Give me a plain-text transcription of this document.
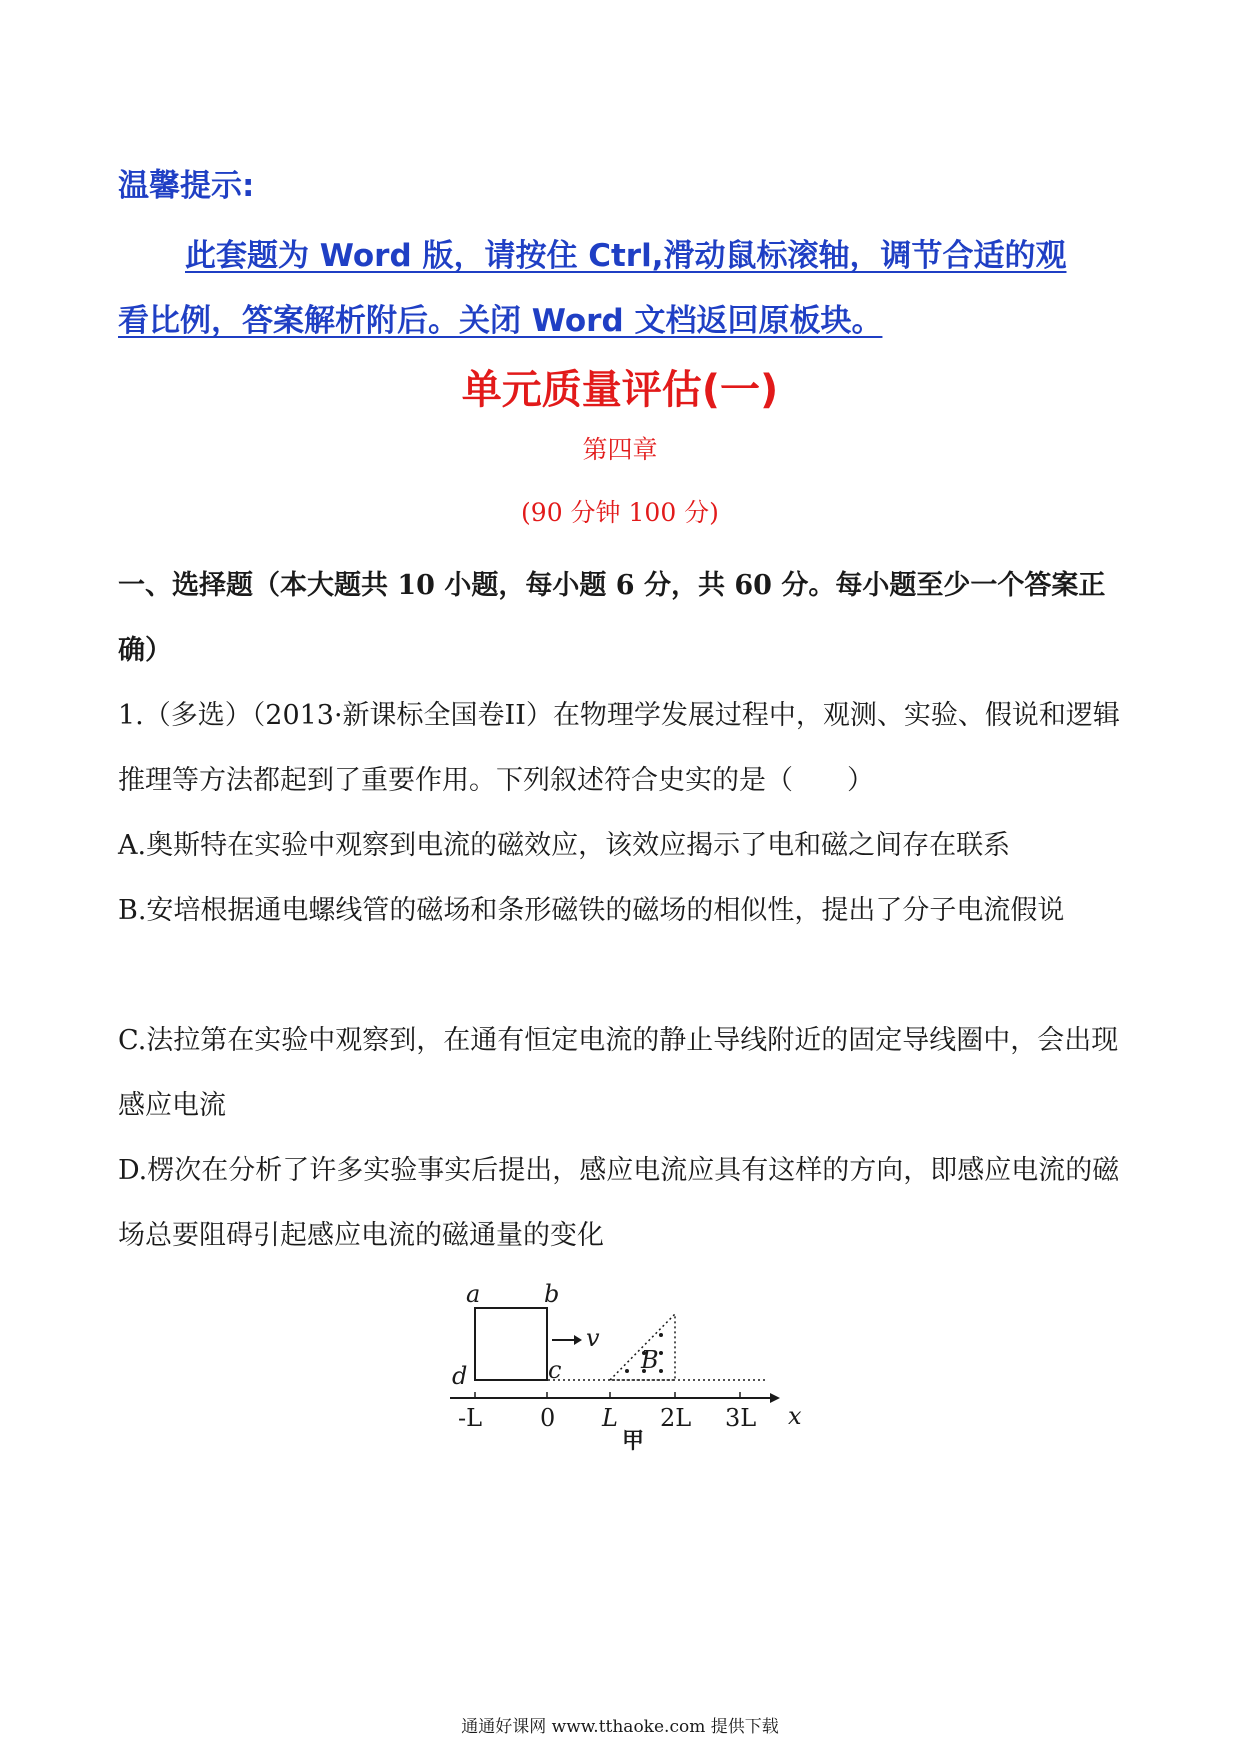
温馨提示:
此套题为 Word 版，请按住 Ctrl,滑动鼠标滚轴，调节合适的观
看比例，答案解析附后。关闭 Word 文档返回原板块。
单元质量评估(一)
第四章
(90 分钟 100 分)
一、选择题（本大题共 10 小题，每小题 6 分，共 60 分。每小题至少一个答案正确）
1.（多选）（2013·新课标全国卷II）在物理学发展过程中，观测、实验、假说和逻辑推理等方法都起到了重要作用。下列叙述符合史实的是（　　）
A.奥斯特在实验中观察到电流的磁效应，该效应揭示了电和磁之间存在联系
B.安培根据通电螺线管的磁场和条形磁铁的磁场的相似性，提出了分子电流假说
C.法拉第在实验中观察到，在通有恒定电流的静止导线附近的固定导线圈中，会出现感应电流
D.楞次在分析了许多实验事实后提出，感应电流应具有这样的方向，即感应电流的磁场总要阻碍引起感应电流的磁通量的变化
a	b
c
d
v
B
-L 0 L 2L 3L x
甲
通通好课网 www.tthaoke.com 提供下载
